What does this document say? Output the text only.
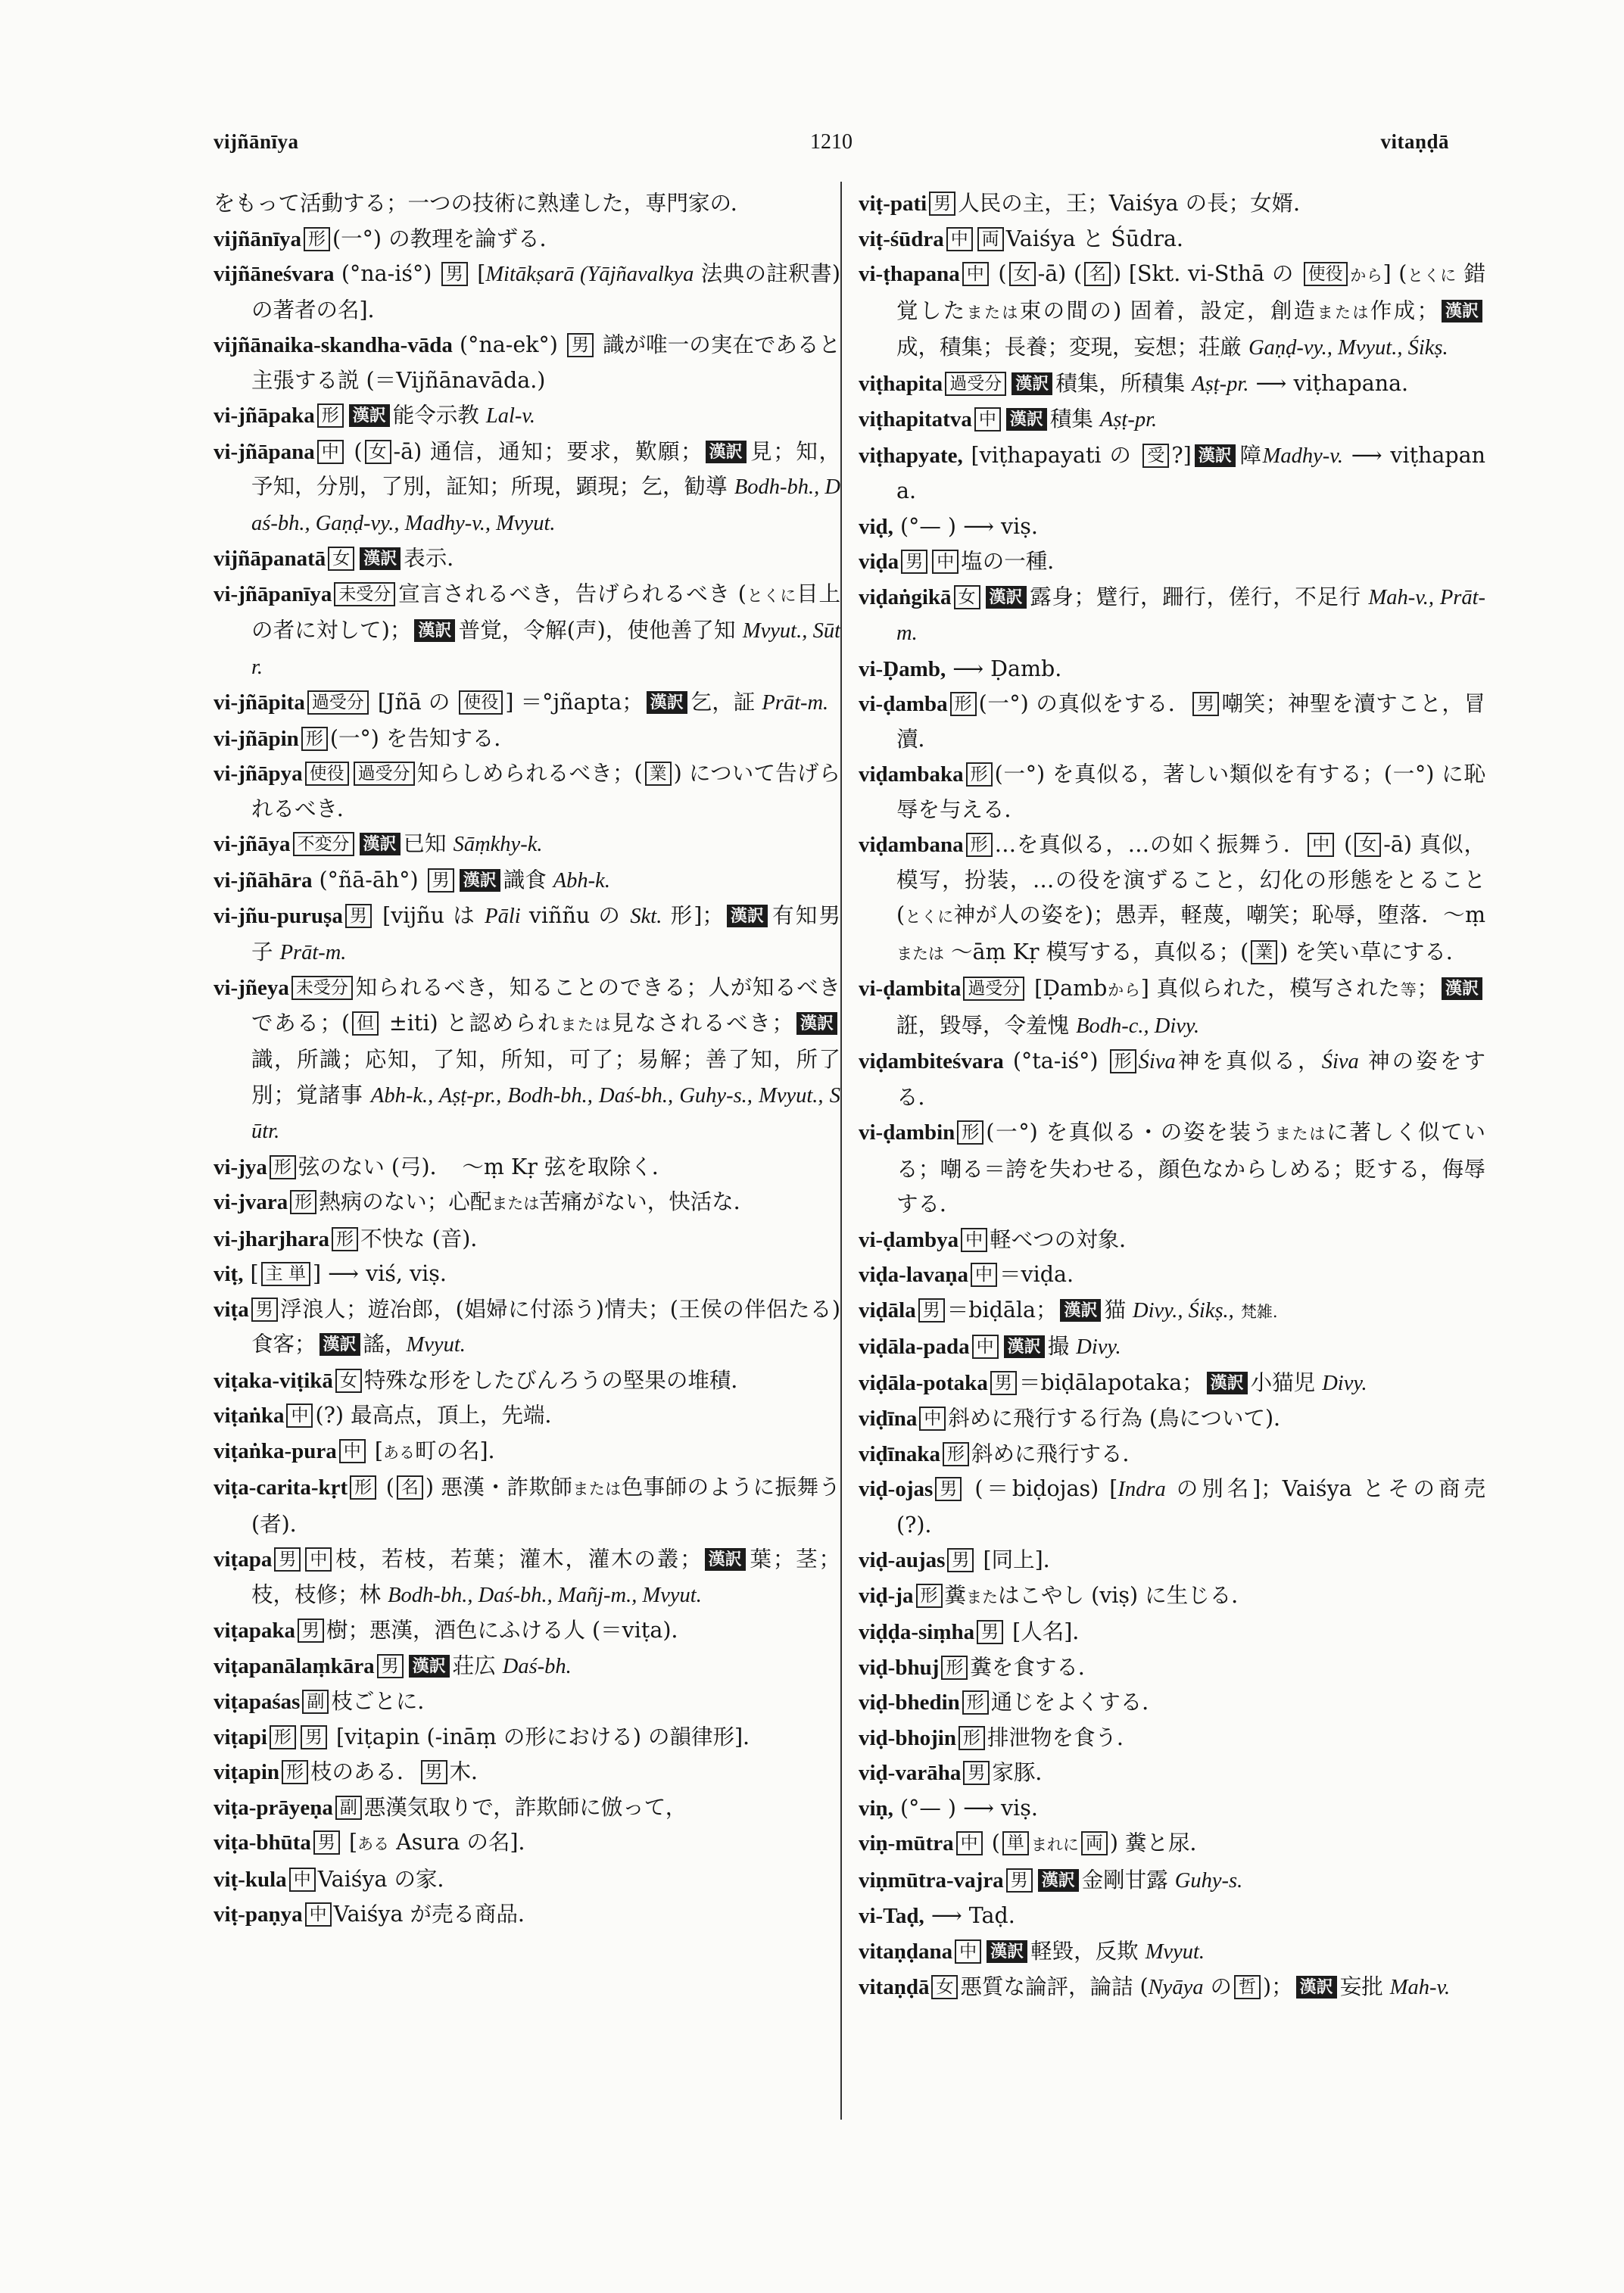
vijñānīya	1210	vitaṇḍā

をもって活動する；一つの技術に熟達した，専門家の．

vijñānīya 形 (一°) の教理を論ずる．

vijñāneśvara (°na-iś°) 男 [Mitākṣarā (Yājñavalkya 法典の註釈書) の著者の名]．

vijñānaika-skandha-vāda (°na-ek°) 男 識が唯一の実在であると主張する説 (＝Vijñānavāda.)

vi-jñāpaka 形 漢訳 能令示教 Lal-v.

vi-jñāpana 中 ( 女 -ā) 通信，通知；要求，歎願； 漢訳 見；知，予知，分別，了別，証知；所現，顕現；乞，勧導 Bodh-bh., Daś-bh., Gaṇḍ-vy., Madhy-v., Mvyut.

vijñāpanatā 女 漢訳 表示．

vi-jñāpanīya 未受分 宣言されるべき，告げられるべき (とくに目上の者に対して)； 漢訳 普覚，令解(声)，使他善了知 Mvyut., Sūtr.

vi-jñāpita 過受分 [Jñā の 使役 ] ＝°jñapta； 漢訳 乞，証 Prāt-m.

vi-jñāpin 形 (一°) を告知する．

vi-jñāpya 使役 過受分 知らしめられるべき；( 業 ) について告げられるべき．

vi-jñāya 不変分 漢訳 已知 Sāṃkhy-k.

vi-jñāhāra (°ñā-āh°) 男 漢訳 識食 Abh-k.

vi-jñu-puruṣa 男 [vijñu は Pāli viññu の Skt. 形]； 漢訳 有知男子 Prāt-m.

vi-jñeya 未受分 知られるべき，知ることのできる；人が知るべきである；( 但 ±iti) と認められまたは見なされるべき； 漢訳識，所識；応知，了知，所知，可了；易解；善了知，所了別；覚諸事 Abh-k., Aṣṭ-pr., Bodh-bh., Daś-bh., Guhy-s., Mvyut., Sūtr.

vi-jya 形 弦のない (弓)．　～ṃ Kṛ 弦を取除く．

vi-jvara 形 熱病のない；心配または苦痛がない，快活な．

vi-jharjhara 形 不快な (音)．

viṭ, [ 主 単 ] ⟶ viś, viṣ.

viṭa 男 浮浪人；遊冶郎，(娼婦に付添う)情夫；(王侯の伴侶たる)食客； 漢訳 謠，Mvyut.

viṭaka-viṭikā 女 特殊な形をしたびんろうの堅果の堆積．

viṭaṅka 中 (?) 最高点，頂上，先端．

viṭaṅka-pura 中 [ある町の名]．

viṭa-carita-kṛt 形 ( 名 ) 悪漢・詐欺師または色事師のように振舞う (者)．

viṭapa 男 中 枝，若枝，若葉；灌木，灌木の叢； 漢訳 葉；茎；枝，枝修；林 Bodh-bh., Daś-bh., Mañj-m., Mvyut.

viṭapaka 男 樹；悪漢，酒色にふける人 (＝viṭa)．

viṭapanālaṃkāra 男 漢訳 荘広 Daś-bh.

viṭapaśas 副 枝ごとに．

viṭapi 形 男 [viṭapin (-ināṃ の形における) の韻律形]．

viṭapin 形 枝のある． 男 木．

viṭa-prāyeṇa 副 悪漢気取りで，詐欺師に倣って，

viṭa-bhūta 男 [ある Asura の名]．

viṭ-kula 中 Vaiśya の家．

viṭ-paṇya 中 Vaiśya が売る商品．

viṭ-pati 男 人民の主，王；Vaiśya の長；女婿．

viṭ-śūdra 中 両 Vaiśya と Śūdra．

vi-ṭhapana 中 ( 女 -ā) ( 名 ) [Skt. vi-Sthā の 使役 から] (とくに 錯覚したまたは束の間の) 固着，設定，創造または作成； 漢訳成，積集；長養；変現，妄想；荘厳 Gaṇḍ-vy., Mvyut., Śikṣ.

viṭhapita 過受分 漢訳 積集，所積集 Aṣṭ-pr. ⟶ viṭhapana.

viṭhapitatva 中 漢訳 積集 Aṣṭ-pr.

viṭhapyate, [viṭhapayati の 受 ?] 漢訳 障Madhy-v. ⟶ viṭhapana.

viḍ, (°— ) ⟶ viṣ.

viḍa 男 中 塩の一種．

viḍaṅgikā 女 漢訳 露身；躄行，跚行，傞行，不足行 Mah-v., Prāt-m.

vi-Ḍamb, ⟶ Ḍamb.

vi-ḍamba 形 (一°) の真似をする． 男 嘲笑；神聖を瀆すこと，冒瀆．

viḍambaka 形 (一°) を真似る，著しい類似を有する；(一°) に恥辱を与える．

viḍambana 形 …を真似る，…の如く振舞う． 中 ( 女 -ā) 真似，模写，扮装，…の役を演ずること，幻化の形態をとること (とくに神が人の姿を)；愚弄，軽蔑，嘲笑；恥辱，堕落．～ṃ または ～āṃ Kṛ 模写する，真似る；( 業 ) を笑い草にする．

vi-ḍambita 過受分 [Ḍambから] 真似られた，模写された等； 漢訳誑，毀辱，令羞愧 Bodh-c., Divy.

viḍambiteśvara (°ta-iś°) 形 Śiva神を真似る，Śiva 神の姿をする．

vi-ḍambin 形 (一°) を真似る・の姿を装うまたはに著しく似ている；嘲る＝誇を失わせる，顔色なからしめる；貶する，侮辱する．

vi-ḍambya 中 軽べつの対象．

viḍa-lavaṇa 中 ＝viḍa.

viḍāla 男 ＝biḍāla； 漢訳 猫 Divy., Śikṣ., 梵雑.

viḍāla-pada 中 漢訳 撮 Divy.

viḍāla-potaka 男 ＝biḍālapotaka； 漢訳 小猫児 Divy.

viḍīna 中 斜めに飛行する行為 (鳥について)．

viḍīnaka 形 斜めに飛行する．

viḍ-ojas 男 (＝biḍojas) [Indra の別名]；Vaiśya とその商売 (?)．

viḍ-aujas 男 [同上]．

viḍ-ja 形 糞またはこやし (viṣ) に生じる．

viḍḍa-siṃha 男 [人名]．

viḍ-bhuj 形 糞を食する．

viḍ-bhedin 形 通じをよくする．

viḍ-bhojin 形 排泄物を食う．

viḍ-varāha 男 家豚．

viṇ, (°— ) ⟶ viṣ.

viṇ-mūtra 中 ( 単 まれに 両 ) 糞と尿．

viṇmūtra-vajra 男 漢訳 金剛甘露 Guhy-s.

vi-Taḍ, ⟶ Taḍ.

vitaṇḍana 中 漢訳 軽毀，反欺 Mvyut.

vitaṇḍā 女 悪質な論評，論詰 (Nyāya の 哲 )； 漢訳 妄批 Mah-v.
